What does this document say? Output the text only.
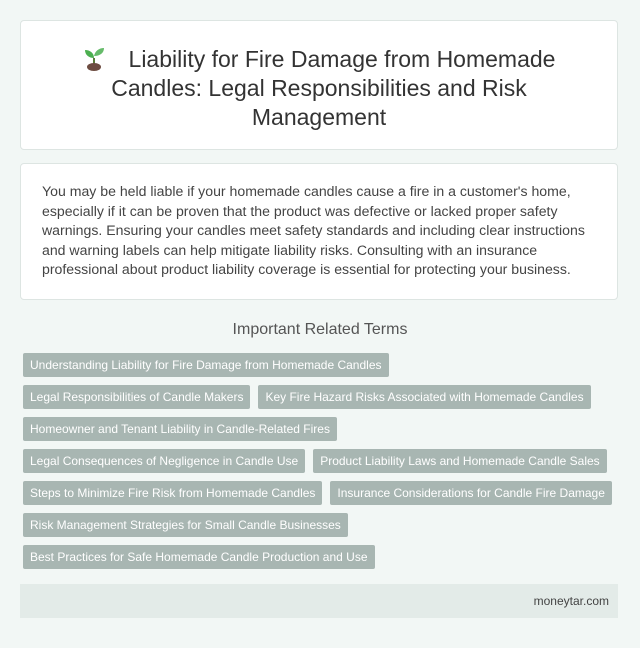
Liability for Fire Damage from Homemade Candles: Legal Responsibilities and Risk Management

You may be held liable if your homemade candles cause a fire in a customer's home, especially if it can be proven that the product was defective or lacked proper safety warnings. Ensuring your candles meet safety standards and including clear instructions and warning labels can help mitigate liability risks. Consulting with an insurance professional about product liability coverage is essential for protecting your business.

Important Related Terms
Understanding Liability for Fire Damage from Homemade Candles
Legal Responsibilities of Candle Makers	Key Fire Hazard Risks Associated with Homemade Candles
Homeowner and Tenant Liability in Candle-Related Fires
Legal Consequences of Negligence in Candle Use	Product Liability Laws and Homemade Candle Sales
Steps to Minimize Fire Risk from Homemade Candles	Insurance Considerations for Candle Fire Damage
Risk Management Strategies for Small Candle Businesses
Best Practices for Safe Homemade Candle Production and Use
moneytar.com
